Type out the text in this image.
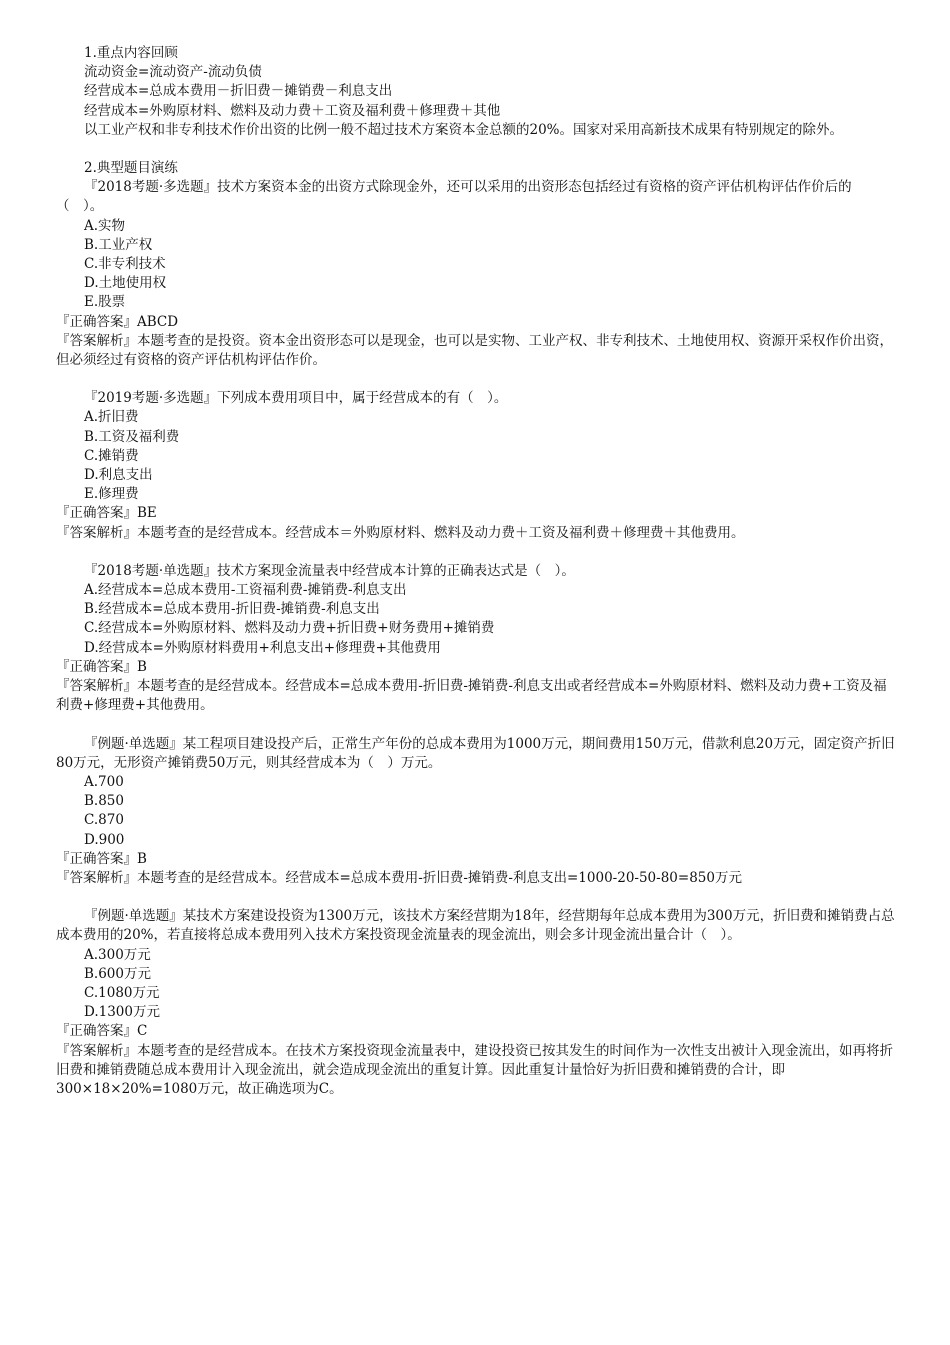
1.重点内容回顾

流动资金=流动资产-流动负债

经营成本=总成本费用－折旧费－摊销费－利息支出

经营成本=外购原材料、燃料及动力费＋工资及福利费＋修理费＋其他

以工业产权和非专利技术作价出资的比例一般不超过技术方案资本金总额的20%。国家对采用高新技术成果有特别规定的除外。

2.典型题目演练

『2018考题·多选题』技术方案资本金的出资方式除现金外，还可以采用的出资形态包括经过有资格的资产评估机构评估作价后的（　）。

A.实物

B.工业产权

C.非专利技术

D.土地使用权

E.股票

『正确答案』ABCD

『答案解析』本题考查的是投资。资本金出资形态可以是现金，也可以是实物、工业产权、非专利技术、土地使用权、资源开采权作价出资，但必须经过有资格的资产评估机构评估作价。

『2019考题·多选题』下列成本费用项目中，属于经营成本的有（　）。

A.折旧费

B.工资及福利费

C.摊销费

D.利息支出

E.修理费

『正确答案』BE

『答案解析』本题考查的是经营成本。经营成本＝外购原材料、燃料及动力费＋工资及福利费＋修理费＋其他费用。

『2018考题·单选题』技术方案现金流量表中经营成本计算的正确表达式是（　）。

A.经营成本=总成本费用-工资福利费-摊销费-利息支出

B.经营成本=总成本费用-折旧费-摊销费-利息支出

C.经营成本=外购原材料、燃料及动力费+折旧费+财务费用+摊销费

D.经营成本=外购原材料费用+利息支出+修理费+其他费用

『正确答案』B

『答案解析』本题考查的是经营成本。经营成本=总成本费用-折旧费-摊销费-利息支出或者经营成本=外购原材料、燃料及动力费+工资及福利费+修理费+其他费用。

『例题·单选题』某工程项目建设投产后，正常生产年份的总成本费用为1000万元，期间费用150万元，借款利息20万元，固定资产折旧80万元，无形资产摊销费50万元，则其经营成本为（　）万元。

A.700

B.850

C.870

D.900

『正确答案』B

『答案解析』本题考查的是经营成本。经营成本=总成本费用-折旧费-摊销费-利息支出=1000-20-50-80=850万元

『例题·单选题』某技术方案建设投资为1300万元，该技术方案经营期为18年，经营期每年总成本费用为300万元，折旧费和摊销费占总成本费用的20%，若直接将总成本费用列入技术方案投资现金流量表的现金流出，则会多计现金流出量合计（　）。

A.300万元

B.600万元

C.1080万元

D.1300万元

『正确答案』C

『答案解析』本题考查的是经营成本。在技术方案投资现金流量表中，建设投资已按其发生的时间作为一次性支出被计入现金流出，如再将折旧费和摊销费随总成本费用计入现金流出，就会造成现金流出的重复计算。因此重复计量恰好为折旧费和摊销费的合计，即300×18×20%=1080万元，故正确选项为C。
